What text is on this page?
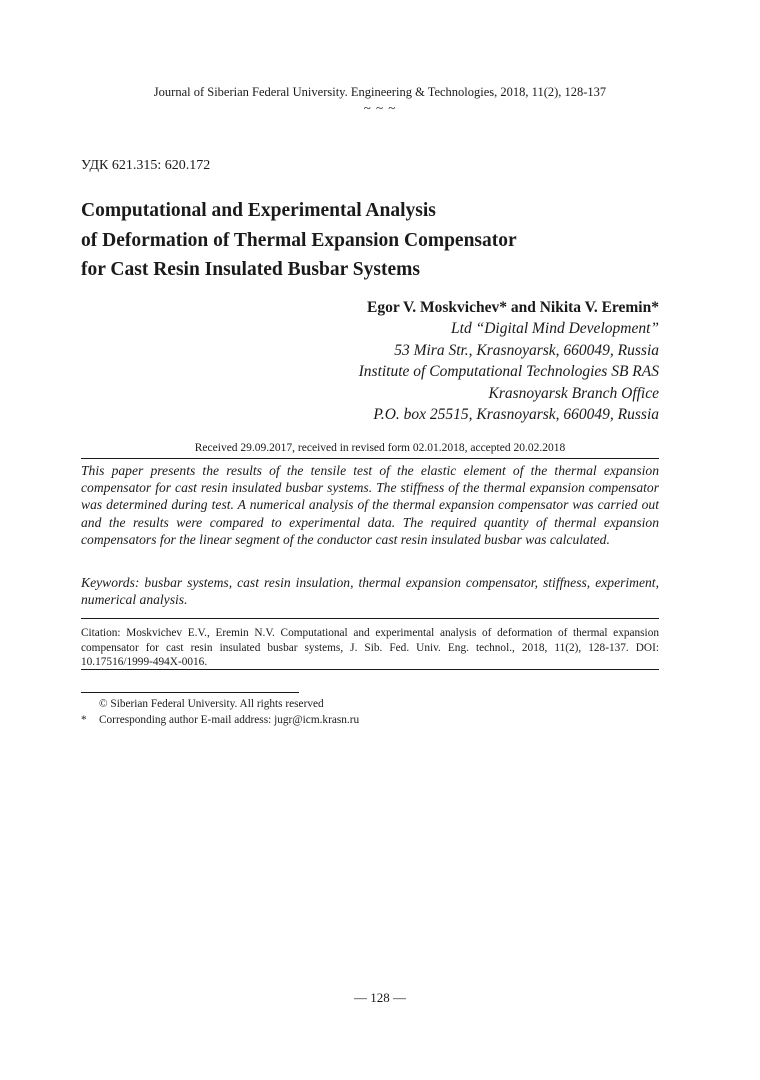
Journal of Siberian Federal University. Engineering & Technologies, 2018, 11(2), 128-137
~ ~ ~
УДК 621.315: 620.172
Computational and Experimental Analysis
of Deformation of Thermal Expansion Compensator
for Cast Resin Insulated Busbar Systems
Egor V. Moskvichev* and Nikita V. Eremin*
Ltd “Digital Mind Development”
53 Mira Str., Krasnoyarsk, 660049, Russia
Institute of Computational Technologies SB RAS
Krasnoyarsk Branch Office
P.O. box 25515, Krasnoyarsk, 660049, Russia
Received 29.09.2017, received in revised form 02.01.2018, accepted 20.02.2018
This paper presents the results of the tensile test of the elastic element of the thermal expansion compensator for cast resin insulated busbar systems. The stiffness of the thermal expansion compensator was determined during test. A numerical analysis of the thermal expansion compensator was carried out and the results were compared to experimental data. The required quantity of thermal expansion compensators for the linear segment of the conductor cast resin insulated busbar was calculated.
Keywords: busbar systems, cast resin insulation, thermal expansion compensator, stiffness, experiment, numerical analysis.
Citation: Moskvichev E.V., Eremin N.V. Computational and experimental analysis of deformation of thermal expansion compensator for cast resin insulated busbar systems, J. Sib. Fed. Univ. Eng. technol., 2018, 11(2), 128-137. DOI: 10.17516/1999-494X-0016.
© Siberian Federal University. All rights reserved
* Corresponding author E-mail address: jugr@icm.krasn.ru
— 128 —
